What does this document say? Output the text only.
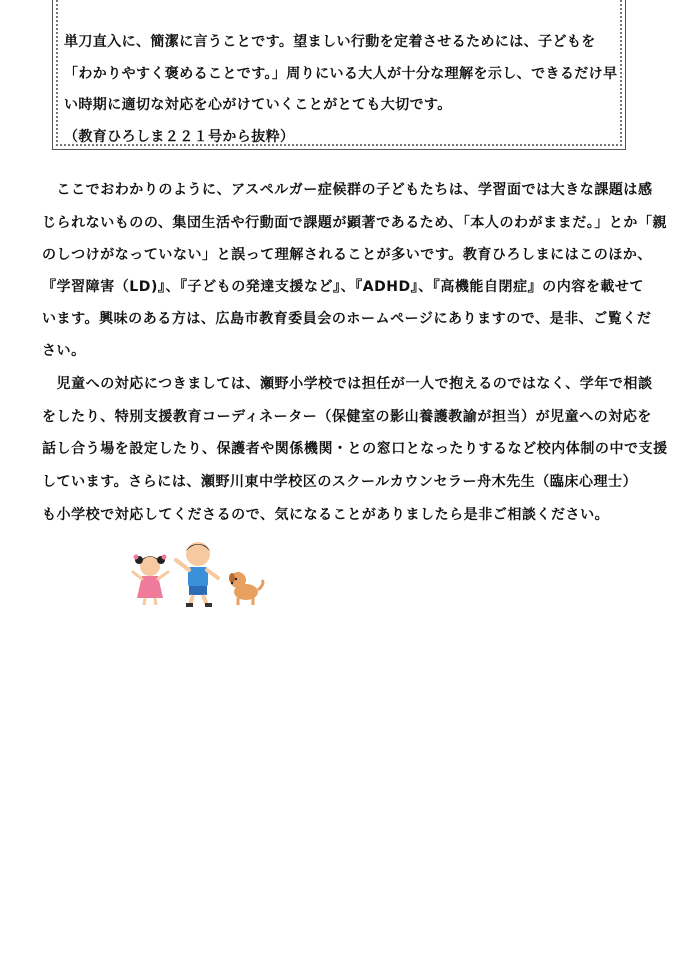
単刀直入に、簡潔に言うことです。望ましい行動を定着させるためには、子どもを
「わかりやすく褒めることです。」周りにいる大人が十分な理解を示し、できるだけ早
い時期に適切な対応を心がけていくことがとても大切です。
（教育ひろしま２２１号から抜粋）
　ここでおわかりのように、アスペルガー症候群の子どもたちは、学習面では大きな課題は感
じられないものの、集団生活や行動面で課題が顕著であるため、「本人のわがままだ。」とか「親
のしつけがなっていない」と誤って理解されることが多いです。教育ひろしまにはこのほか、
『学習障害（LD)』、『子どもの発達支援など』、『ADHD』、『高機能自閉症』の内容を載せて
います。興味のある方は、広島市教育委員会のホームページにありますので、是非、ご覧くだ
さい。
　児童への対応につきましては、瀬野小学校では担任が一人で抱えるのではなく、学年で相談
をしたり、特別支援教育コーディネーター（保健室の影山養護教諭が担当）が児童への対応を
話し合う場を設定したり、保護者や関係機関・との窓口となったりするなど校内体制の中で支援
しています。さらには、瀬野川東中学校区のスクールカウンセラー舟木先生（臨床心理士）
も小学校で対応してくださるので、気になることがありましたら是非ご相談ください。
